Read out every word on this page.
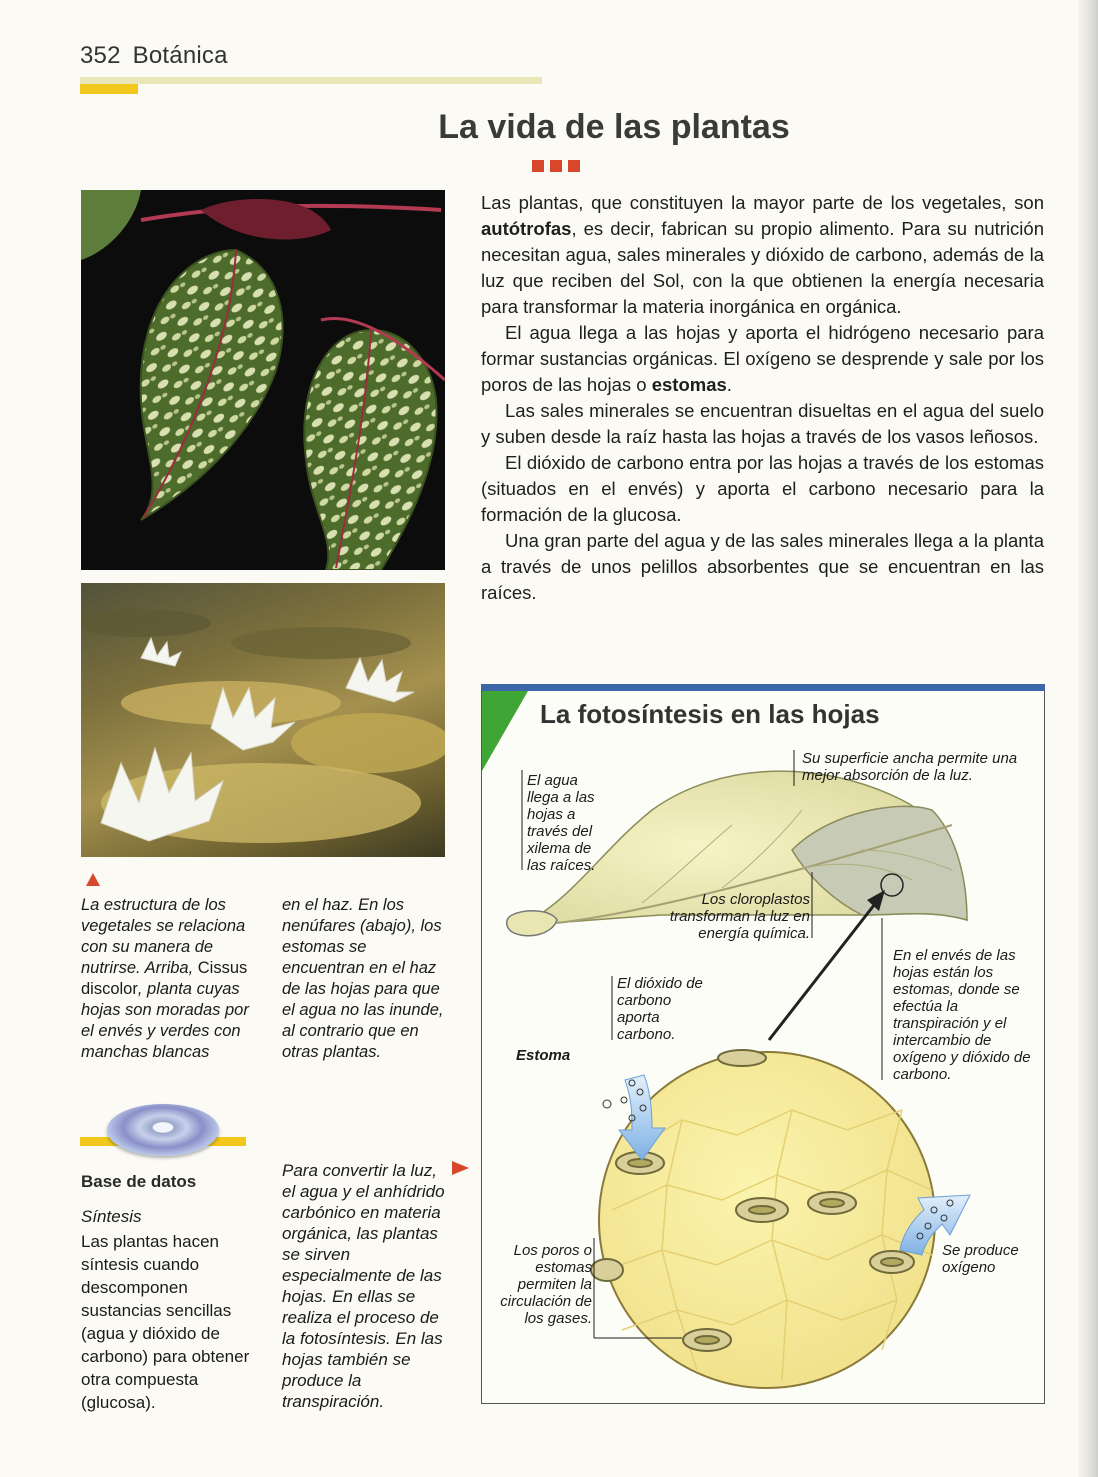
352 Botánica
La vida de las plantas
La estructura de los vegetales se relaciona con su manera de nutrirse. Arriba, Cissus discolor, planta cuyas hojas son moradas por el envés y verdes con manchas blancas
en el haz. En los nenúfares (abajo), los estomas se encuentran en el haz de las hojas para que el agua no las inunde, al contrario que en otras plantas.
Base de datos
Síntesis
Las plantas hacen síntesis cuando descomponen sustancias sencillas (agua y dióxido de carbono) para obtener otra compuesta (glucosa).
Para convertir la luz, el agua y el anhídrido carbónico en materia orgánica, las plantas se sirven especialmente de las hojas. En ellas se realiza el proceso de la fotosíntesis. En las hojas también se produce la transpiración.

Las plantas, que constituyen la mayor parte de los vegetales, son autótrofas, es decir, fabrican su propio alimento. Para su nutrición necesitan agua, sales minerales y dióxido de carbono, además de la luz que reciben del Sol, con la que obtienen la energía necesaria para transformar la materia inorgánica en orgánica.

El agua llega a las hojas y aporta el hidrógeno necesario para formar sustancias orgánicas. El oxígeno se desprende y sale por los poros de las hojas o estomas.

Las sales minerales se encuentran disueltas en el agua del suelo y suben desde la raíz hasta las hojas a través de los vasos leñosos.

El dióxido de carbono entra por las hojas a través de los estomas (situados en el envés) y aporta el carbono necesario para la formación de la glucosa.

Una gran parte del agua y de las sales minerales llega a la planta a través de unos pelillos absorbentes que se encuentran en las raíces.

La fotosíntesis en las hojas
Su superficie ancha permite una mejor absorción de la luz.
El agua llega a las hojas a través del xilema de las raíces.
Los cloroplastos transforman la luz en energía química.
En el envés de las hojas están los estomas, donde se efectúa la transpiración y el intercambio de oxígeno y dióxido de carbono.
El dióxido de carbono aporta carbono.
Estoma
Los poros o estomas permiten la circulación de los gases.
Se produce oxígeno
